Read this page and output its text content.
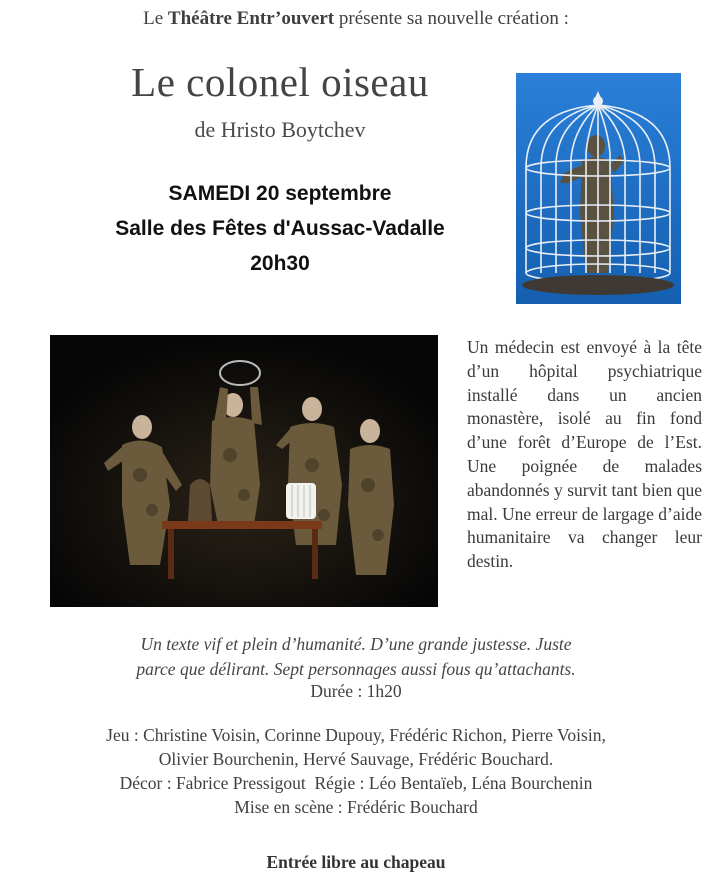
Le Théâtre Entr’ouvert présente sa nouvelle création :
Le colonel oiseau
de Hristo Boytchev
SAMEDI 20 septembre
Salle des Fêtes d'Aussac-Vadalle
20h30
Un médecin est envoyé à la tête d’un hôpital psychiatrique installé dans un ancien monastère, isolé au fin fond d’une forêt d’Europe de l’Est. Une poignée de malades abandonnés y survit tant bien que mal. Une erreur de largage d’aide humanitaire va changer leur destin.
Un texte vif et plein d’humanité. D’une grande justesse. Juste
parce que délirant. Sept personnages aussi fous qu’attachants.
Durée : 1h20
Jeu : Christine Voisin, Corinne Dupouy, Frédéric Richon, Pierre Voisin,
Olivier Bourchenin, Hervé Sauvage, Frédéric Bouchard.
Décor : Fabrice Pressigout  Régie : Léo Bentaïeb, Léna Bourchenin
Mise en scène : Frédéric Bouchard
Entrée libre au chapeau
